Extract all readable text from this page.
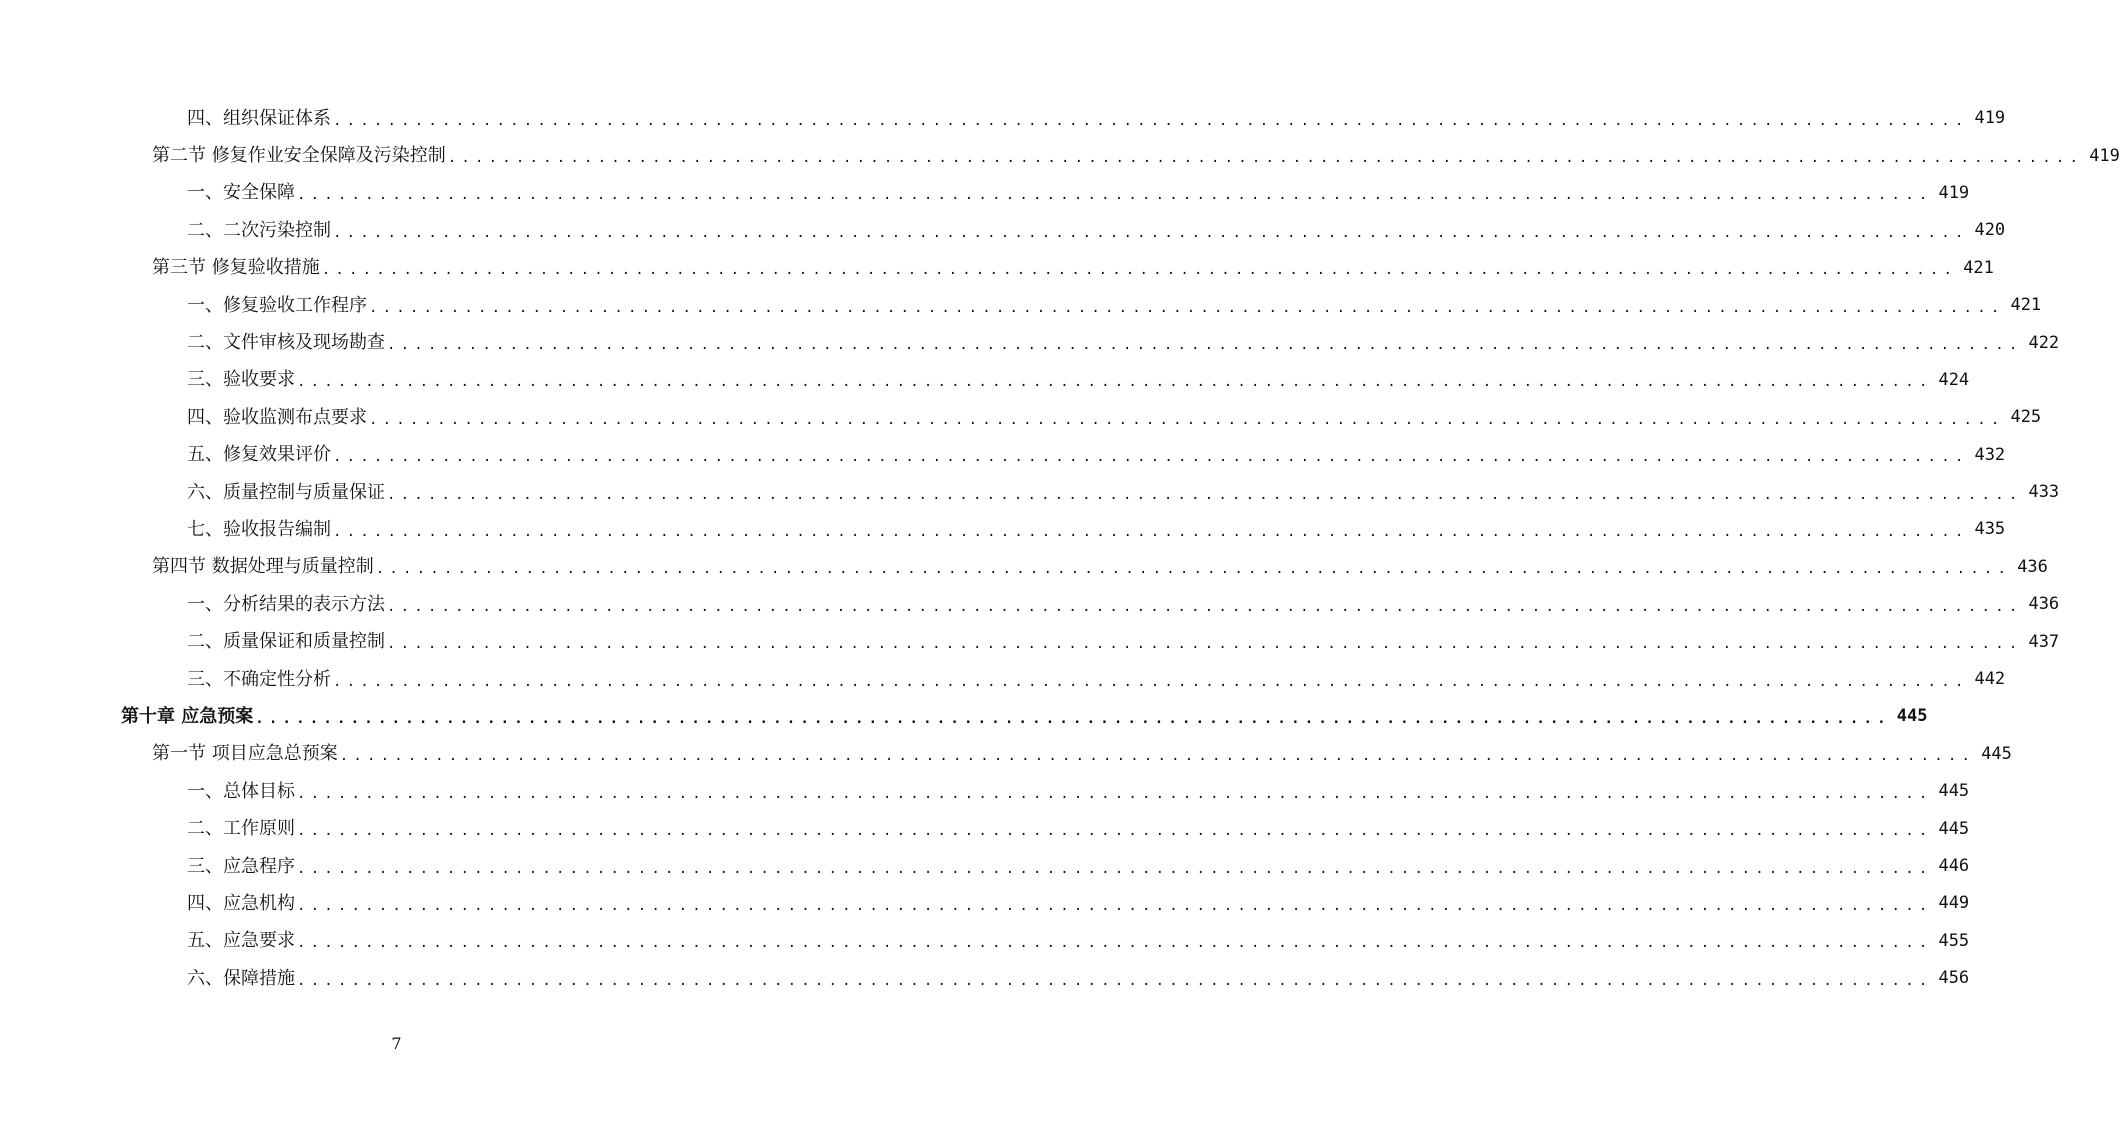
四、组织保证体系 ........................................................................................................................ 419
第二节 修复作业安全保障及污染控制 ........................................................................................................................ 419
一、安全保障 ........................................................................................................................ 419
二、二次污染控制 ........................................................................................................................ 420
第三节 修复验收措施 ........................................................................................................................ 421
一、修复验收工作程序 ........................................................................................................................ 421
二、文件审核及现场勘查 ........................................................................................................................ 422
三、验收要求 ........................................................................................................................ 424
四、验收监测布点要求 ........................................................................................................................ 425
五、修复效果评价 ........................................................................................................................ 432
六、质量控制与质量保证 ........................................................................................................................ 433
七、验收报告编制 ........................................................................................................................ 435
第四节 数据处理与质量控制 ........................................................................................................................ 436
一、分析结果的表示方法 ........................................................................................................................ 436
二、质量保证和质量控制 ........................................................................................................................ 437
三、不确定性分析 ........................................................................................................................ 442
第十章 应急预案 ........................................................................................................................ 445
第一节 项目应急总预案 ........................................................................................................................ 445
一、总体目标 ........................................................................................................................ 445
二、工作原则 ........................................................................................................................ 445
三、应急程序 ........................................................................................................................ 446
四、应急机构 ........................................................................................................................ 449
五、应急要求 ........................................................................................................................ 455
六、保障措施 ........................................................................................................................ 456
7
